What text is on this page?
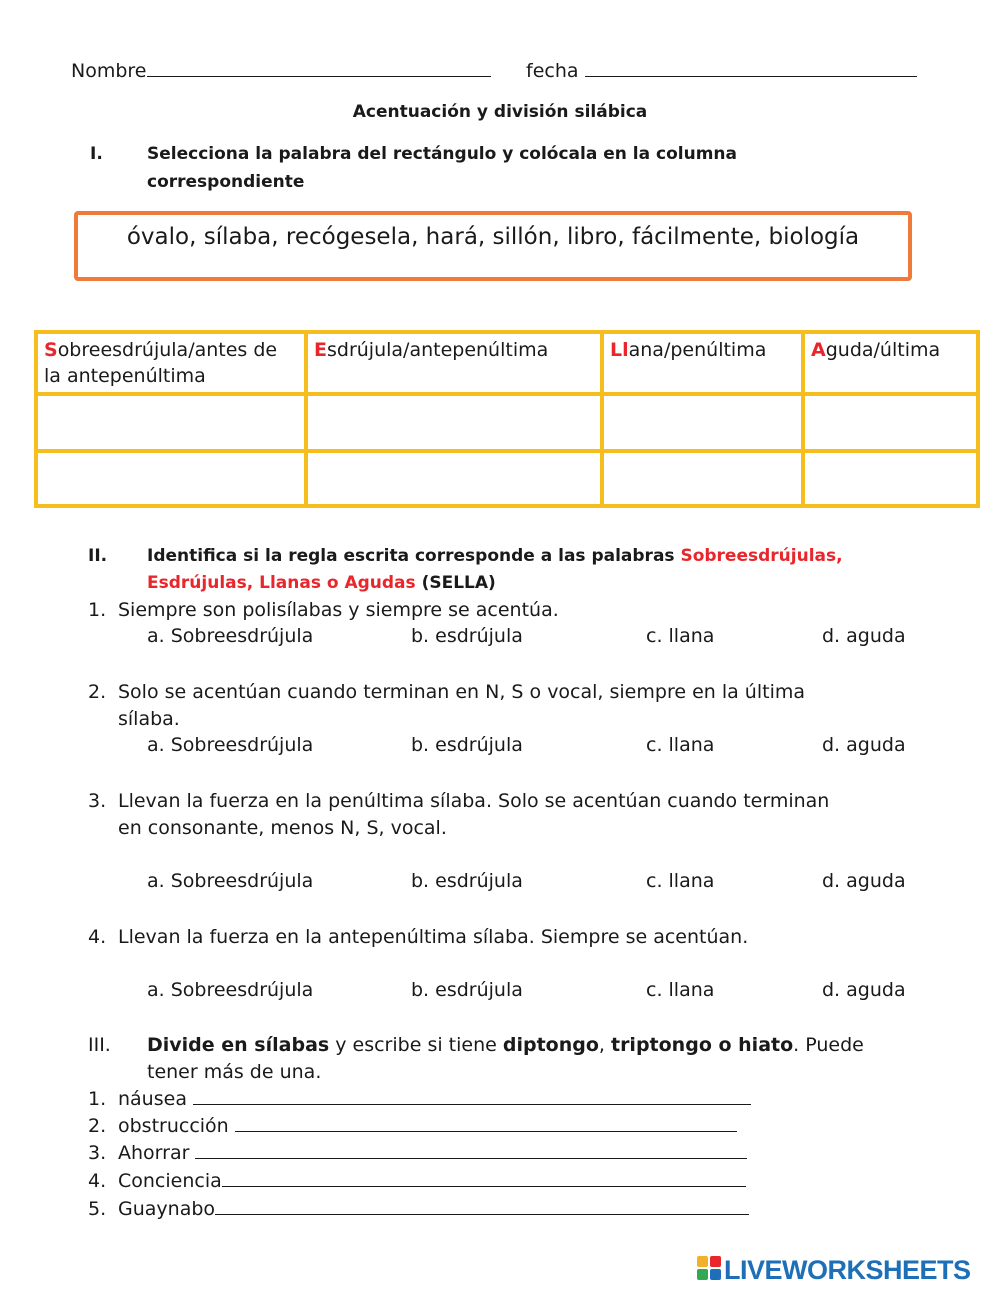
Nombre	fecha
Acentuación y división silábica
I.	Selecciona la palabra del rectángulo y colócala en la columna
correspondiente
óvalo, sílaba, recógesela, hará, sillón, libro, fácilmente, biología
Sobreesdrújula/antes de la antepenúltima	Esdrújula/antepenúltima	Llana/penúltima	Aguda/última

II. Identifica si la regla escrita corresponde a las palabras Sobreesdrújulas,
Esdrújulas, Llanas o Agudas (SELLA)
1. Siempre son polisílabas y siempre se acentúa.
a. Sobreesdrújula	b. esdrújula	c. llana	d. aguda
2. Solo se acentúan cuando terminan en N, S o vocal, siempre en la última
sílaba.
a. Sobreesdrújula	b. esdrújula	c. llana	d. aguda
3. Llevan la fuerza en la penúltima sílaba. Solo se acentúan cuando terminan
en consonante, menos N, S, vocal.
a. Sobreesdrújula	b. esdrújula	c. llana	d. aguda
4. Llevan la fuerza en la antepenúltima sílaba. Siempre se acentúan.
a. Sobreesdrújula	b. esdrújula	c. llana	d. aguda
III. Divide en sílabas y escribe si tiene diptongo, triptongo o hiato. Puede
tener más de una.
1. náusea
2. obstrucción
3. Ahorrar
4. Conciencia
5. Guaynabo
LIVEWORKSHEETS
